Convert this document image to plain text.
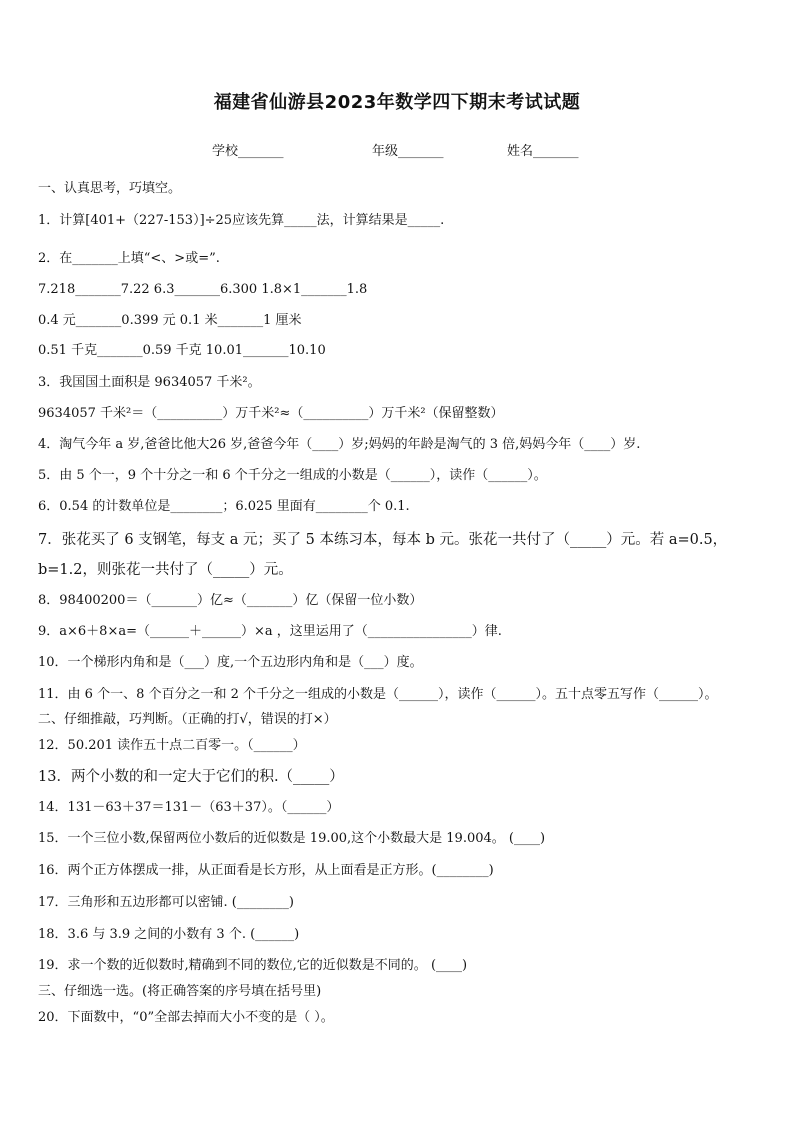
福建省仙游县2023年数学四下期末考试试题
学校_______	年级_______	姓名_______
一、认真思考，巧填空。
1．计算[401+（227-153）]÷25应该先算_____法，计算结果是_____.
2．在_______上填“<、>或=”.
7.218_______7.22 6.3_______6.300 1.8×1_______1.8
0.4 元_______0.399 元 0.1 米_______1 厘米
0.51 千克_______0.59 千克 10.01_______10.10
3．我国国土面积是 9634057 千米²。
9634057 千米²＝（__________）万千米²≈（__________）万千米²（保留整数）
4．淘气今年 a 岁,爸爸比他大26 岁,爸爸今年（____）岁;妈妈的年龄是淘气的 3 倍,妈妈今年（____）岁.
5．由 5 个一，9 个十分之一和 6 个千分之一组成的小数是（______），读作（______）。
6．0.54 的计数单位是________；6.025 里面有________个 0.1.
7．张花买了 6 支钢笔，每支 a 元；买了 5 本练习本，每本 b 元。张花一共付了（_____）元。若 a=0.5，b=1.2，则张花一共付了（_____）元。
8．98400200＝（_______）亿≈（_______）亿（保留一位小数）
9．a×6＋8×a=（______＋______）×a ，这里运用了（________________）律.
10．一个梯形内角和是（___）度,一个五边形内角和是（___）度。
11．由 6 个一、8 个百分之一和 2 个千分之一组成的小数是（______），读作（______）。五十点零五写作（______）。
二、仔细推敲，巧判断。（正确的打√，错误的打×）
12．50.201 读作五十点二百零一。（______）
13．两个小数的和一定大于它们的积.（_____）
14．131－63＋37＝131－（63＋37）。（______）
15．一个三位小数,保留两位小数后的近似数是 19.00,这个小数最大是 19.004。 (____)
16．两个正方体摆成一排，从正面看是长方形，从上面看是正方形。(________)
17．三角形和五边形都可以密铺. (________)
18．3.6 与 3.9 之间的小数有 3 个. (______)
19．求一个数的近似数时,精确到不同的数位,它的近似数是不同的。 (____)
三、仔细选一选。(将正确答案的序号填在括号里)
20．下面数中，“0”全部去掉而大小不变的是（ ）。
